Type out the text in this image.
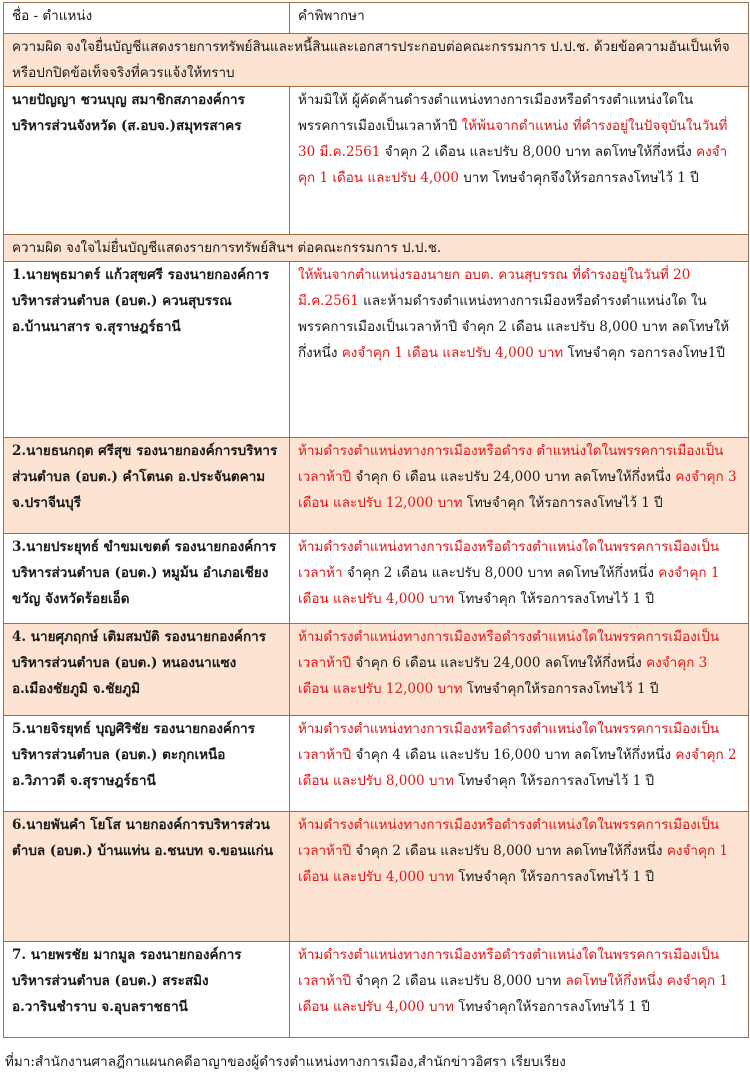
ชื่อ - ตำแหน่ง	คำพิพากษา
ความผิด จงใจยื่นบัญชีแสดงรายการทรัพย์สินและหนี้สินและเอกสารประกอบต่อคณะกรรมการ ป.ป.ช. ด้วยข้อความอันเป็นเท็จหรือปกปิดข้อเท็จจริงที่ควรแจ้งให้ทราบ	
นายปัญญา ชวนบุญ สมาชิกสภาองค์การบริหารส่วนจังหวัด (ส.อบจ.)สมุทรสาคร	ห้ามมิให้ ผู้คัดค้านดำรงตำแหน่งทางการเมืองหรือดำรงตำแหน่งใดในพรรคการเมืองเป็นเวลาห้าปี ให้พ้นจากตำแหน่ง ที่ดำรงอยู่ในปัจจุบันในวันที่ 30 มี.ค.2561 จำคุก 2 เดือน และปรับ 8,000 บาท ลดโทษให้กึ่งหนึ่ง คงจำคุก 1 เดือน และปรับ 4,000 บาท โทษจำคุกจึงให้รอการลงโทษไว้ 1 ปี
ความผิด จงใจไม่ยื่นบัญชีแสดงรายการทรัพย์สินฯ ต่อคณะกรรมการ ป.ป.ช.	
1.นายพุธมาตร์ แก้วสุขศรี รองนายกองค์การบริหารส่วนตำบล (อบต.) ควนสุบรรณ อ.บ้านนาสาร จ.สุราษฎร์ธานี	ให้พ้นจากตำแหน่งรองนายก อบต. ควนสุบรรณ ที่ดำรงอยู่ในวันที่ 20 มี.ค.2561 และห้ามดำรงตำแหน่งทางการเมืองหรือดำรงตำแหน่งใด ในพรรคการเมืองเป็นเวลาห้าปี จำคุก 2 เดือน และปรับ 8,000 บาท ลดโทษให้กึ่งหนึ่ง คงจำคุก 1 เดือน และปรับ 4,000 บาท โทษจำคุก รอการลงโทษ1ปี
2.นายธนกฤต ศรีสุข รองนายกองค์การบริหารส่วนตำบล (อบต.) คำโตนด อ.ประจันตคาม จ.ปราจีนบุรี	ห้ามดำรงตำแหน่งทางการเมืองหรือดำรง ตำแหน่งใดในพรรคการเมืองเป็นเวลาห้าปี จำคุก 6 เดือน และปรับ 24,000 บาท ลดโทษให้กึ่งหนึ่ง คงจำคุก 3 เดือน และปรับ 12,000 บาท โทษจำคุก ให้รอการลงโทษไว้ 1 ปี
3.นายประยุทธ์ ขำขมเขตต์ รองนายกองค์การบริหารส่วนตำบล (อบต.) หมูม้น อำเภอเชียงขวัญ จังหวัดร้อยเอ็ด	ห้ามดำรงตำแหน่งทางการเมืองหรือดำรงตำแหน่งใดในพรรคการเมืองเป็นเวลาห้า จำคุก 2 เดือน และปรับ 8,000 บาท ลดโทษให้กึ่งหนึ่ง คงจำคุก 1 เดือน และปรับ 4,000 บาท โทษจำคุก ให้รอการลงโทษไว้ 1 ปี
4. นายศุภฤกษ์ เติมสมบัติ รองนายกองค์การบริหารส่วนตำบล (อบต.) หนองนาแซง อ.เมืองชัยภูมิ จ.ชัยภูมิ	ห้ามดำรงตำแหน่งทางการเมืองหรือดำรงตำแหน่งใดในพรรคการเมืองเป็นเวลาห้าปี จำคุก 6 เดือน และปรับ 24,000 ลดโทษให้กึ่งหนึ่ง คงจำคุก 3 เดือน และปรับ 12,000 บาท โทษจำคุกให้รอการลงโทษไว้ 1 ปี
5.นายจิรยุทธ์ บุญศิริชัย รองนายกองค์การบริหารส่วนตำบล (อบต.) ตะกุกเหนือ อ.วิภาวดี จ.สุราษฎร์ธานี	ห้ามดำรงตำแหน่งทางการเมืองหรือดำรงตำแหน่งใดในพรรคการเมืองเป็นเวลาห้าปี จำคุก 4 เดือน และปรับ 16,000 บาท ลดโทษให้กึ่งหนึ่ง คงจำคุก 2 เดือน และปรับ 8,000 บาท โทษจำคุก ให้รอการลงโทษไว้ 1 ปี
6.นายพันคำ โยโส นายกองค์การบริหารส่วนตำบล (อบต.) บ้านแท่น อ.ชนบท จ.ขอนแก่น	ห้ามดำรงตำแหน่งทางการเมืองหรือดำรงตำแหน่งใดในพรรคการเมืองเป็นเวลาห้าปี จำคุก 2 เดือน และปรับ 8,000 บาท ลดโทษให้กึ่งหนึ่ง คงจำคุก 1 เดือน และปรับ 4,000 บาท โทษจำคุก ให้รอการลงโทษไว้ 1 ปี
7. นายพรชัย มากมูล รองนายกองค์การบริหารส่วนตำบล (อบต.) สระสมิง อ.วารินชำราบ จ.อุบลราชธานี	ห้ามดำรงตำแหน่งทางการเมืองหรือดำรงตำแหน่งใดในพรรคการเมืองเป็นเวลาห้าปี จำคุก 2 เดือน และปรับ 8,000 บาท ลดโทษให้กึ่งหนึ่ง คงจำคุก 1 เดือน และปรับ 4,000 บาท โทษจำคุกให้รอการลงโทษไว้ 1 ปี
ที่มา:สำนักงานศาลฎีกาแผนกคดีอาญาของผู้ดำรงตำแหน่งทางการเมือง,สำนักข่าวอิศรา เรียบเรียง
